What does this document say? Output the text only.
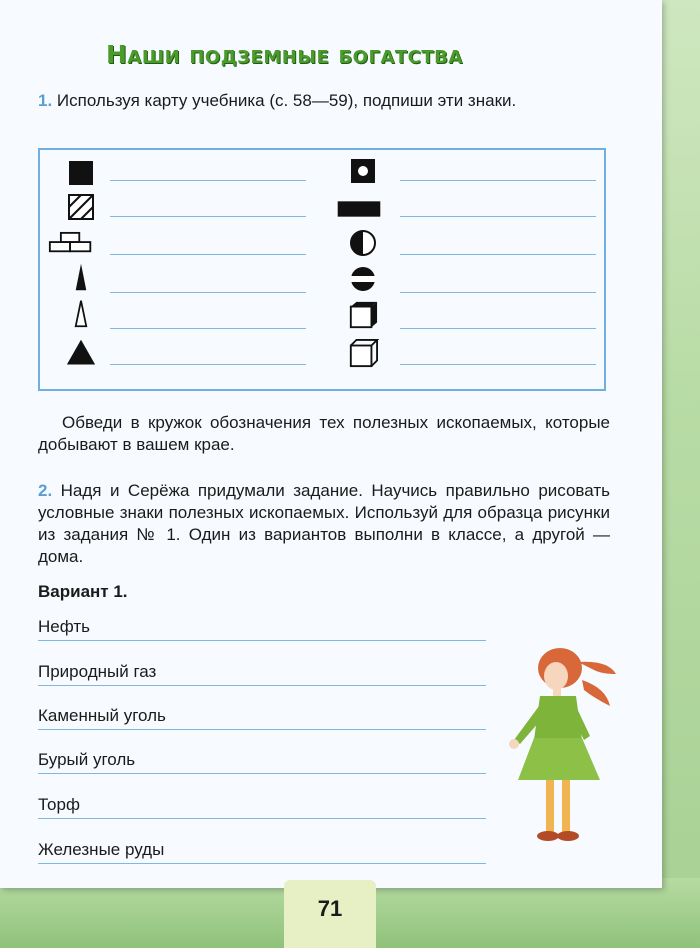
Наши подземные богатства
1. Используя карту учебника (с. 58—59), подпиши эти знаки.
Обведи в кружок обозначения тех полезных ископаемых, которые добывают в вашем крае.
2. Надя и Серёжа придумали задание. Научись правильно рисовать условные знаки полезных ископаемых. Используй для образца рисунки из задания № 1. Один из вариантов выполни в классе, а другой — дома.
Вариант 1.
Нефть
Природный газ
Каменный уголь
Бурый уголь
Торф
Железные руды
71
